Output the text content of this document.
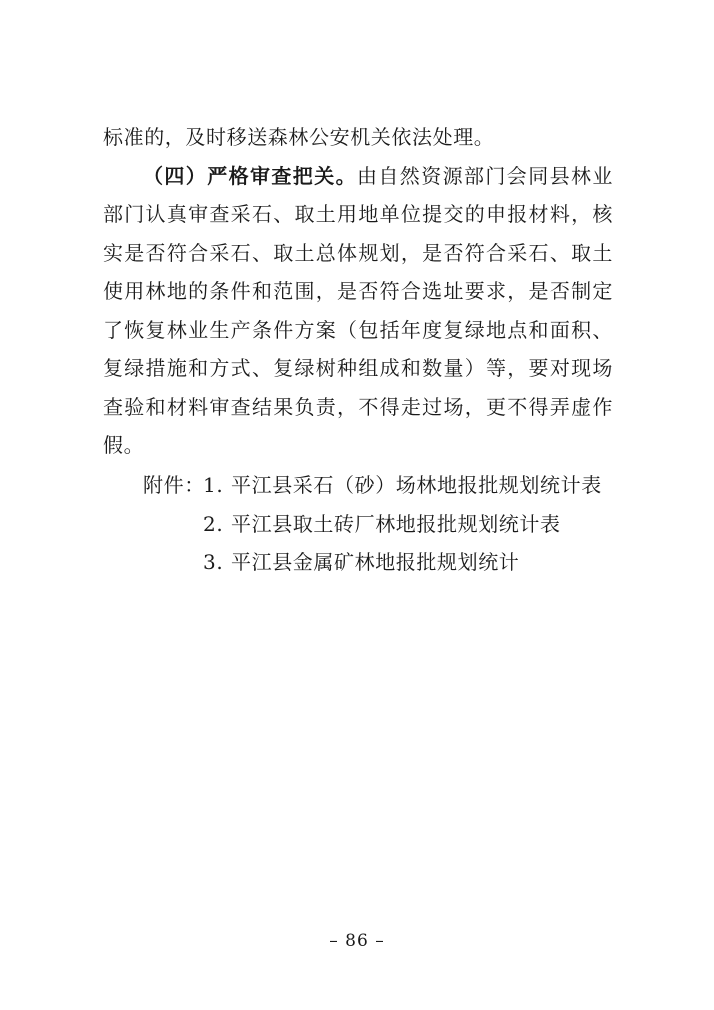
标准的，及时移送森林公安机关依法处理。

（四）严格审查把关。由自然资源部门会同县林业部门认真审查采石、取土用地单位提交的申报材料，核实是否符合采石、取土总体规划，是否符合采石、取土使用林地的条件和范围，是否符合选址要求，是否制定了恢复林业生产条件方案（包括年度复绿地点和面积、复绿措施和方式、复绿树种组成和数量）等，要对现场查验和材料审查结果负责，不得走过场，更不得弄虚作假。

附件：
1. 平江县采石（砂）场林地报批规划统计表
2. 平江县取土砖厂林地报批规划统计表
3. 平江县金属矿林地报批规划统计
– 86 –
